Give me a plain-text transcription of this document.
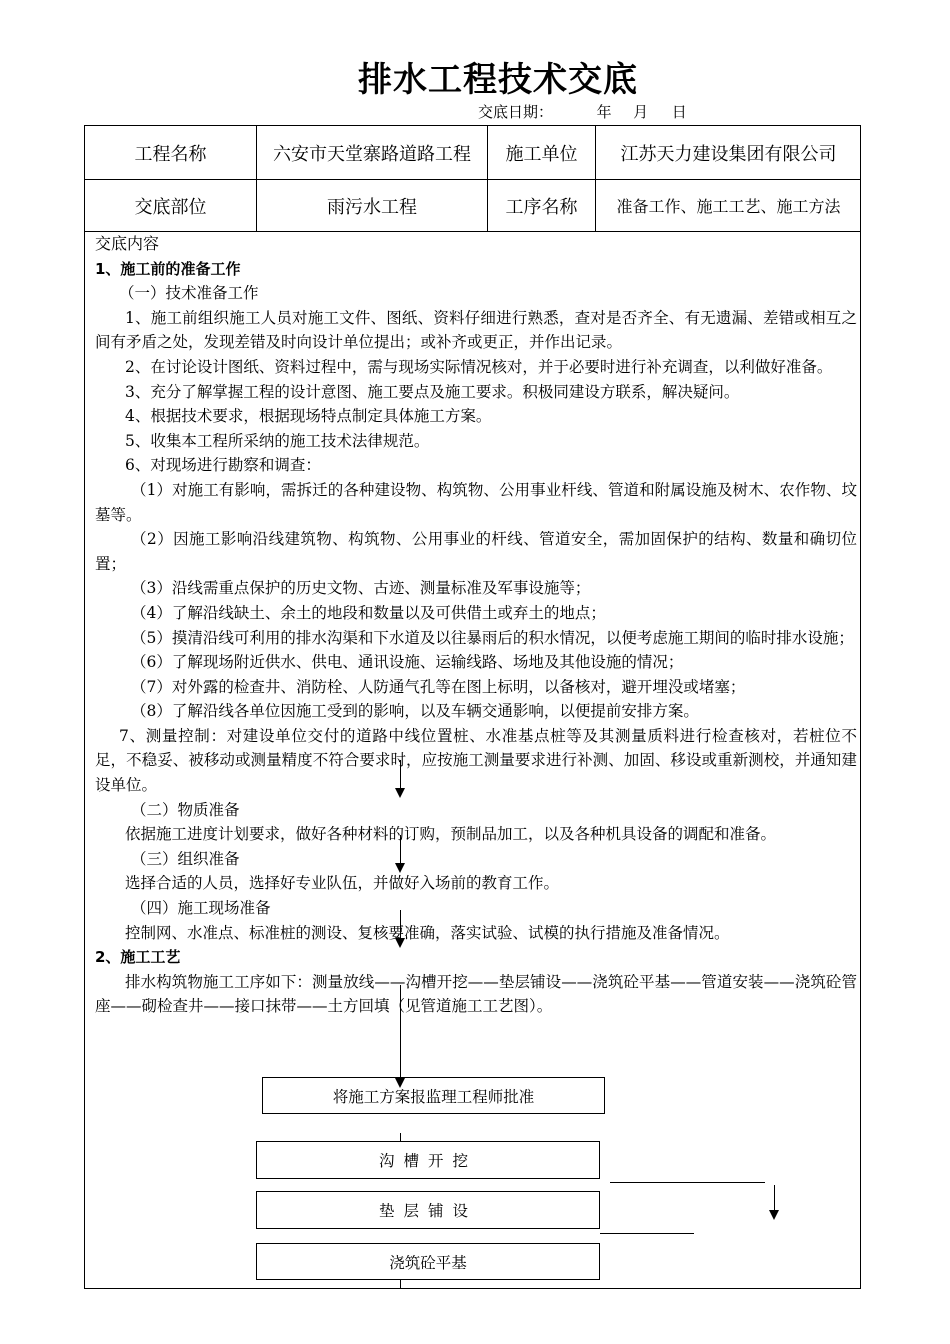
排水工程技术交底
交底日期：	年 月 日
工程名称	六安市天堂寨路道路工程	施工单位	江苏天力建设集团有限公司
交底部位	雨污水工程	工序名称	准备工作、施工工艺、施工方法

交底内容

1、施工前的准备工作

（一）技术准备工作

1、施工前组织施工人员对施工文件、图纸、资料仔细进行熟悉，查对是否齐全、有无遗漏、差错或相互之间有矛盾之处，发现差错及时向设计单位提出；或补齐或更正，并作出记录。

2、在讨论设计图纸、资料过程中，需与现场实际情况核对，并于必要时进行补充调查，以利做好准备。

3、充分了解掌握工程的设计意图、施工要点及施工要求。积极同建设方联系，解决疑问。

4、根据技术要求，根据现场特点制定具体施工方案。

5、收集本工程所采纳的施工技术法律规范。

6、对现场进行勘察和调查：

（1）对施工有影响，需拆迁的各种建设物、构筑物、公用事业杆线、管道和附属设施及树木、农作物、坟墓等。

（2）因施工影响沿线建筑物、构筑物、公用事业的杆线、管道安全，需加固保护的结构、数量和确切位置；

（3）沿线需重点保护的历史文物、古迹、测量标准及军事设施等；

（4）了解沿线缺土、余土的地段和数量以及可供借土或弃土的地点；

（5）摸清沿线可利用的排水沟渠和下水道及以往暴雨后的积水情况，以便考虑施工期间的临时排水设施；

（6）了解现场附近供水、供电、通讯设施、运输线路、场地及其他设施的情况；

（7）对外露的检查井、消防栓、人防通气孔等在图上标明，以备核对，避开埋没或堵塞；

（8）了解沿线各单位因施工受到的影响，以及车辆交通影响，以便提前安排方案。

7、测量控制：对建设单位交付的道路中线位置桩、水准基点桩等及其测量质料进行检查核对，若桩位不足，不稳妥、被移动或测量精度不符合要求时，应按施工测量要求进行补测、加固、移设或重新测校，并通知建设单位。

（二）物质准备

依据施工进度计划要求，做好各种材料的订购，预制品加工，以及各种机具设备的调配和准备。

（三）组织准备

选择合适的人员，选择好专业队伍，并做好入场前的教育工作。

（四）施工现场准备

控制网、水准点、标准桩的测设、复核要准确，落实试验、试模的执行措施及准备情况。

2、施工工艺

排水构筑物施工工序如下：测量放线——沟槽开挖——垫层铺设——浇筑砼平基——管道安装——浇筑砼管座——砌检查井——接口抹带——土方回填（见管道施工工艺图）。

将施工方案报监理工程师批准
沟槽开挖
垫层铺设
浇筑砼平基
